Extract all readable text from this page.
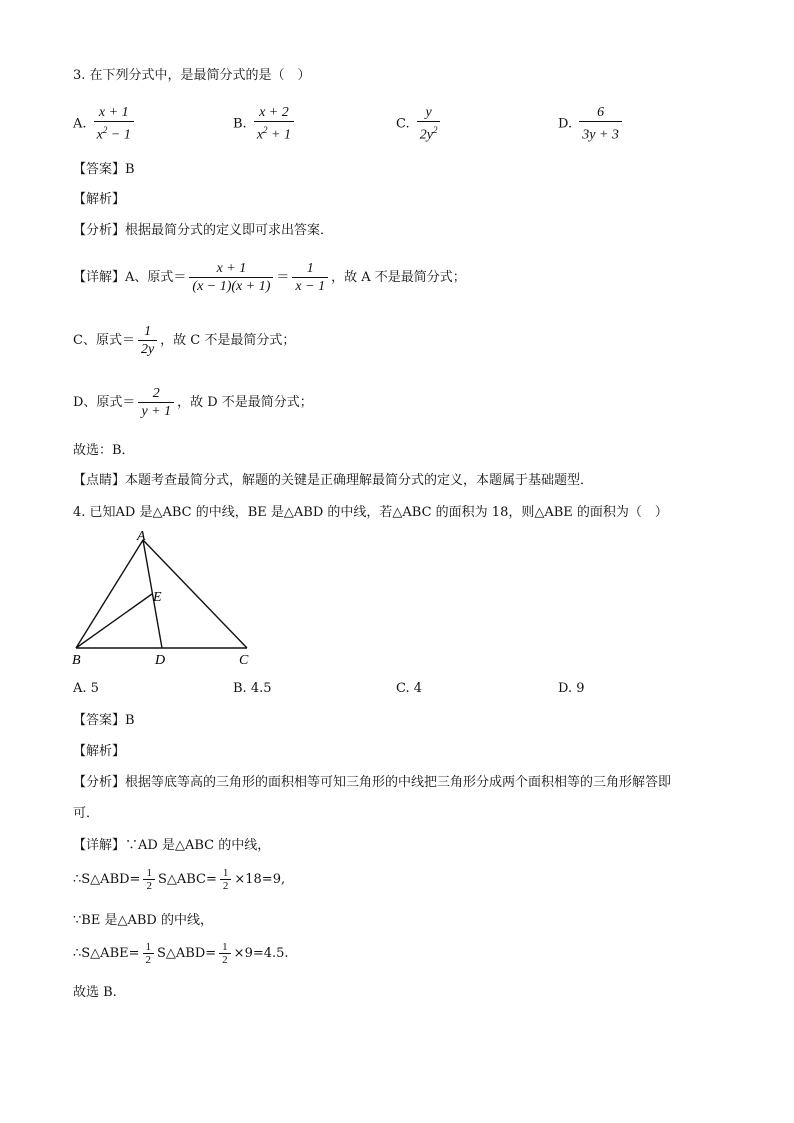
3. 在下列分式中，是最简分式的是（　）
A. $\frac{x + 1}{x^2 - 1}$	B. $\frac{x + 2}{x^2 + 1}$	C. $\frac{y}{2y^2}$	D. $\frac{6}{3y + 3}$
【答案】B
【解析】
【分析】根据最简分式的定义即可求出答案．
【详解】A、原式＝ $\frac{x + 1}{(x - 1)(x + 1)} = \frac{1}{x - 1}$ ，故 A 不是最简分式；
C、原式＝ $\frac{1}{2y}$ ，故 C 不是最简分式；
D、原式＝ $\frac{2}{y + 1}$ ，故 D 不是最简分式；
故选：B．
【点睛】本题考查最简分式，解题的关键是正确理解最简分式的定义，本题属于基础题型．
4. 已知AD 是△ABC 的中线，BE 是△ABD 的中线，若△ABC 的面积为 18，则△ABE 的面积为（　）
A
E
B	D	C
A. 5	B. 4.5	C. 4	D. 9
【答案】B
【解析】
【分析】根据等底等高的三角形的面积相等可知三角形的中线把三角形分成两个面积相等的三角形解答即
可．
【详解】∵AD 是△ABC 的中线，
∴S△ABD= $\frac{1}{2}$ S△ABC= $\frac{1}{2} \times 18=9$,
∵BE 是△ABD 的中线，
∴S△ABE= $\frac{1}{2}$ S△ABD= $\frac{1}{2} \times 9=4.5$.
故选 B.
